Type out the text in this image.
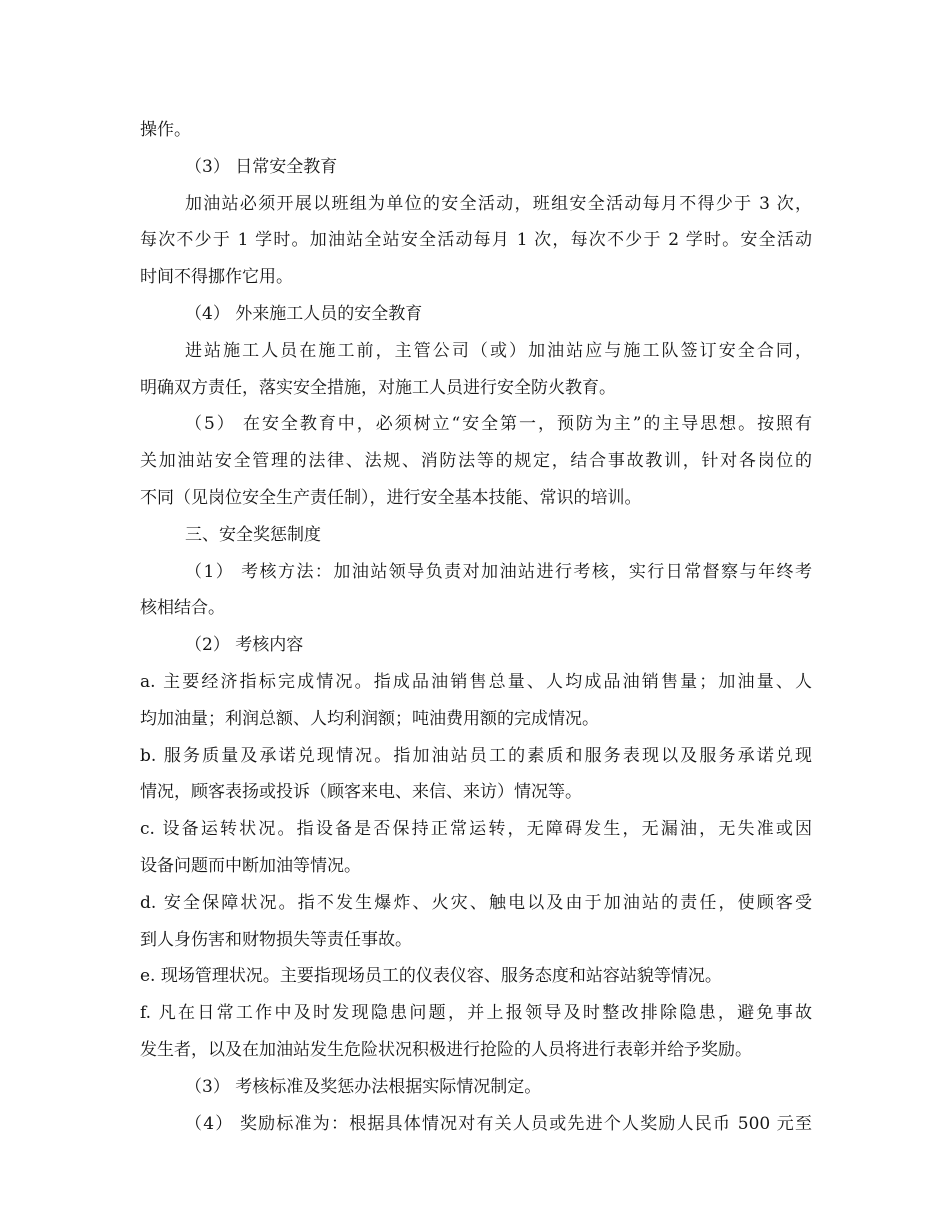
操作。
（3） 日常安全教育
加油站必须开展以班组为单位的安全活动，班组安全活动每月不得少于 3 次，
每次不少于 1 学时。加油站全站安全活动每月 1 次，每次不少于 2 学时。安全活动
时间不得挪作它用。
（4） 外来施工人员的安全教育
进站施工人员在施工前，主管公司（或）加油站应与施工队签订安全合同，
明确双方责任，落实安全措施，对施工人员进行安全防火教育。
（5） 在安全教育中，必须树立“安全第一，预防为主”的主导思想。按照有
关加油站安全管理的法律、法规、消防法等的规定，结合事故教训，针对各岗位的
不同（见岗位安全生产责任制），进行安全基本技能、常识的培训。
三、安全奖惩制度
（1） 考核方法：加油站领导负责对加油站进行考核，实行日常督察与年终考
核相结合。
（2） 考核内容
a. 主要经济指标完成情况。指成品油销售总量、人均成品油销售量；加油量、人
均加油量；利润总额、人均利润额；吨油费用额的完成情况。
b. 服务质量及承诺兑现情况。指加油站员工的素质和服务表现以及服务承诺兑现
情况，顾客表扬或投诉（顾客来电、来信、来访）情况等。
c. 设备运转状况。指设备是否保持正常运转，无障碍发生，无漏油，无失准或因
设备问题而中断加油等情况。
d. 安全保障状况。指不发生爆炸、火灾、触电以及由于加油站的责任，使顾客受
到人身伤害和财物损失等责任事故。
e. 现场管理状况。主要指现场员工的仪表仪容、服务态度和站容站貌等情况。
f. 凡在日常工作中及时发现隐患问题，并上报领导及时整改排除隐患，避免事故
发生者，以及在加油站发生危险状况积极进行抢险的人员将进行表彰并给予奖励。
（3） 考核标准及奖惩办法根据实际情况制定。
（4） 奖励标准为：根据具体情况对有关人员或先进个人奖励人民币 500 元至
